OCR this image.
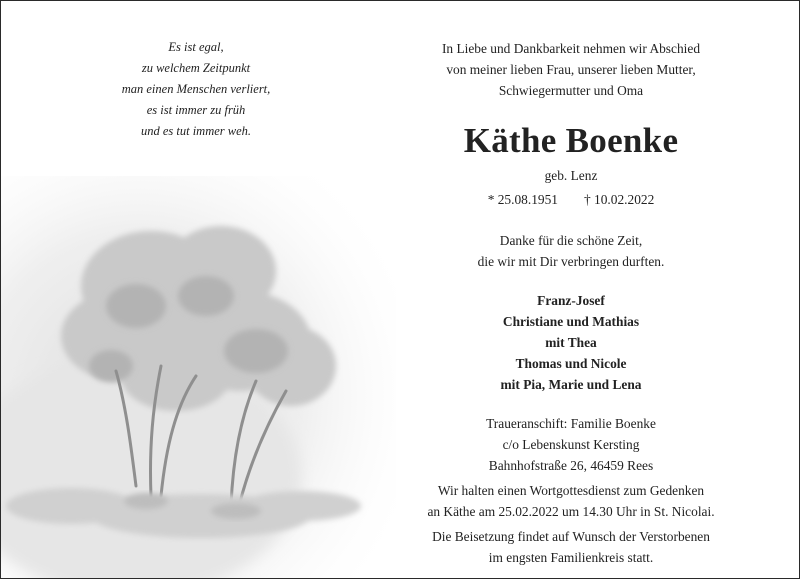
Es ist egal,
zu welchem Zeitpunkt
man einen Menschen verliert,
es ist immer zu früh
und es tut immer weh.
In Liebe und Dankbarkeit nehmen wir Abschied
von meiner lieben Frau, unserer lieben Mutter,
Schwiegermutter und Oma
Käthe Boenke
geb. Lenz
* 25.08.1951 † 10.02.2022
Danke für die schöne Zeit,
die wir mit Dir verbringen durften.
Franz-Josef
Christiane und Mathias
mit Thea
Thomas und Nicole
mit Pia, Marie und Lena
Traueranschift: Familie Boenke
c/o Lebenskunst Kersting
Bahnhofstraße 26, 46459 Rees
Wir halten einen Wortgottesdienst zum Gedenken
an Käthe am 25.02.2022 um 14.30 Uhr in St. Nicolai.
Die Beisetzung findet auf Wunsch der Verstorbenen
im engsten Familienkreis statt.
